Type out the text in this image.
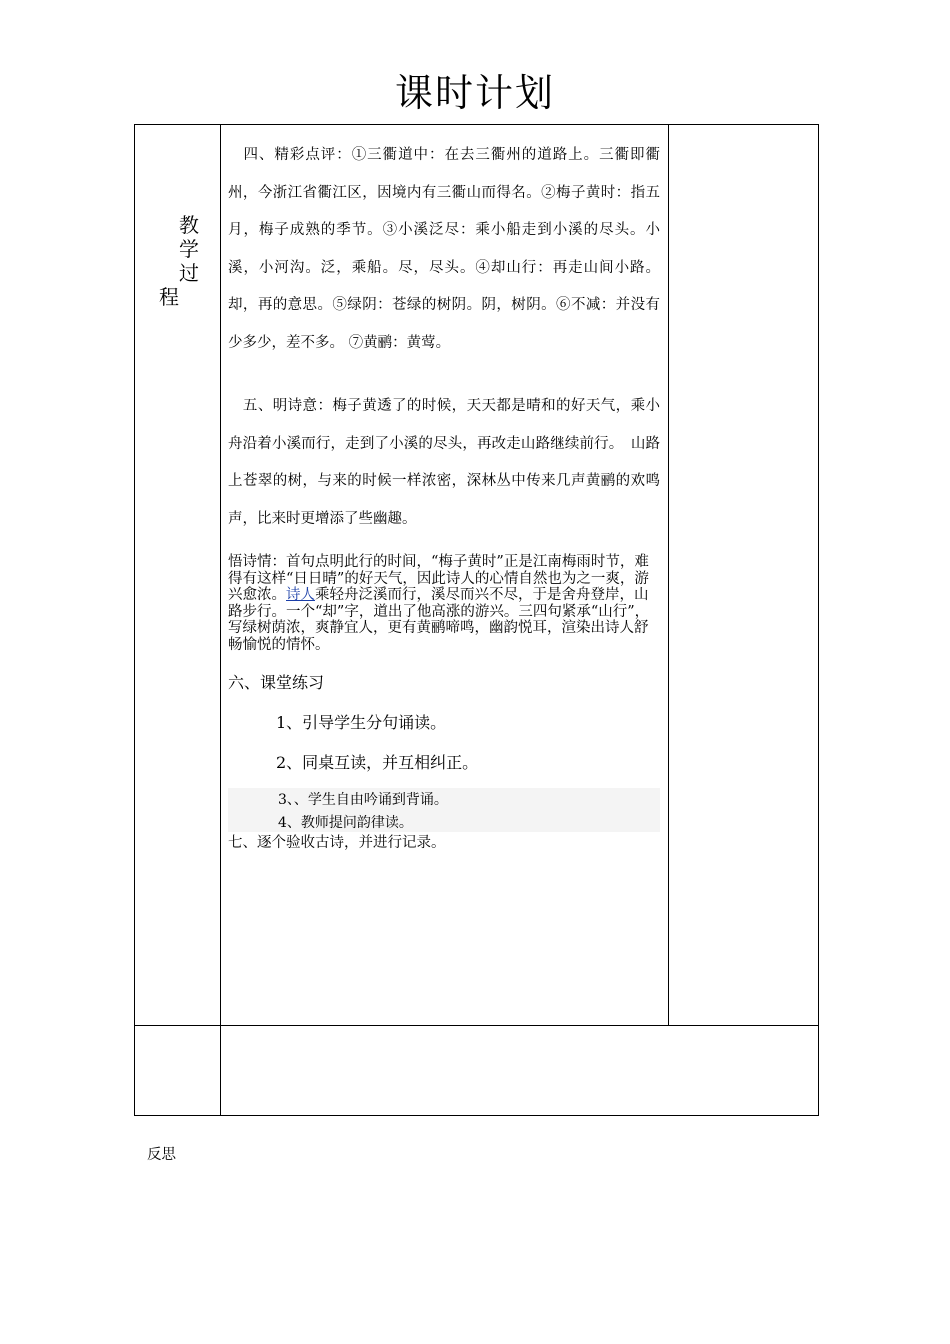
课时计划
教
学
过
程
　四、精彩点评：①三衢道中：在去三衢州的道路上。三衢即衢州，今浙江省衢江区，因境内有三衢山而得名。②梅子黄时：指五月，梅子成熟的季节。③小溪泛尽：乘小船走到小溪的尽头。小溪，小河沟。泛，乘船。尽，尽头。④却山行：再走山间小路。却，再的意思。⑤绿阴：苍绿的树阴。阴，树阴。⑥不减：并没有少多少，差不多。 ⑦黄鹂：黄莺。
　五、明诗意：梅子黄透了的时候，天天都是晴和的好天气，乘小舟沿着小溪而行，走到了小溪的尽头，再改走山路继续前行。　山路上苍翠的树，与来的时候一样浓密，深林丛中传来几声黄鹂的欢鸣声，比来时更增添了些幽趣。
悟诗情：首句点明此行的时间，“梅子黄时”正是江南梅雨时节，难得有这样“日日晴”的好天气，因此诗人的心情自然也为之一爽，游兴愈浓。诗人乘轻舟泛溪而行，溪尽而兴不尽，于是舍舟登岸，山路步行。一个“却”字，道出了他高涨的游兴。三四句紧承“山行”，写绿树荫浓，爽静宜人，更有黄鹂啼鸣，幽韵悦耳，渲染出诗人舒畅愉悦的情怀。
六、课堂练习
1、引导学生分句诵读。
2、同桌互读，并互相纠正。
3、、学生自由吟诵到背诵。
4、教师提问韵律读。
七、逐个验收古诗，并进行记录。
反思
